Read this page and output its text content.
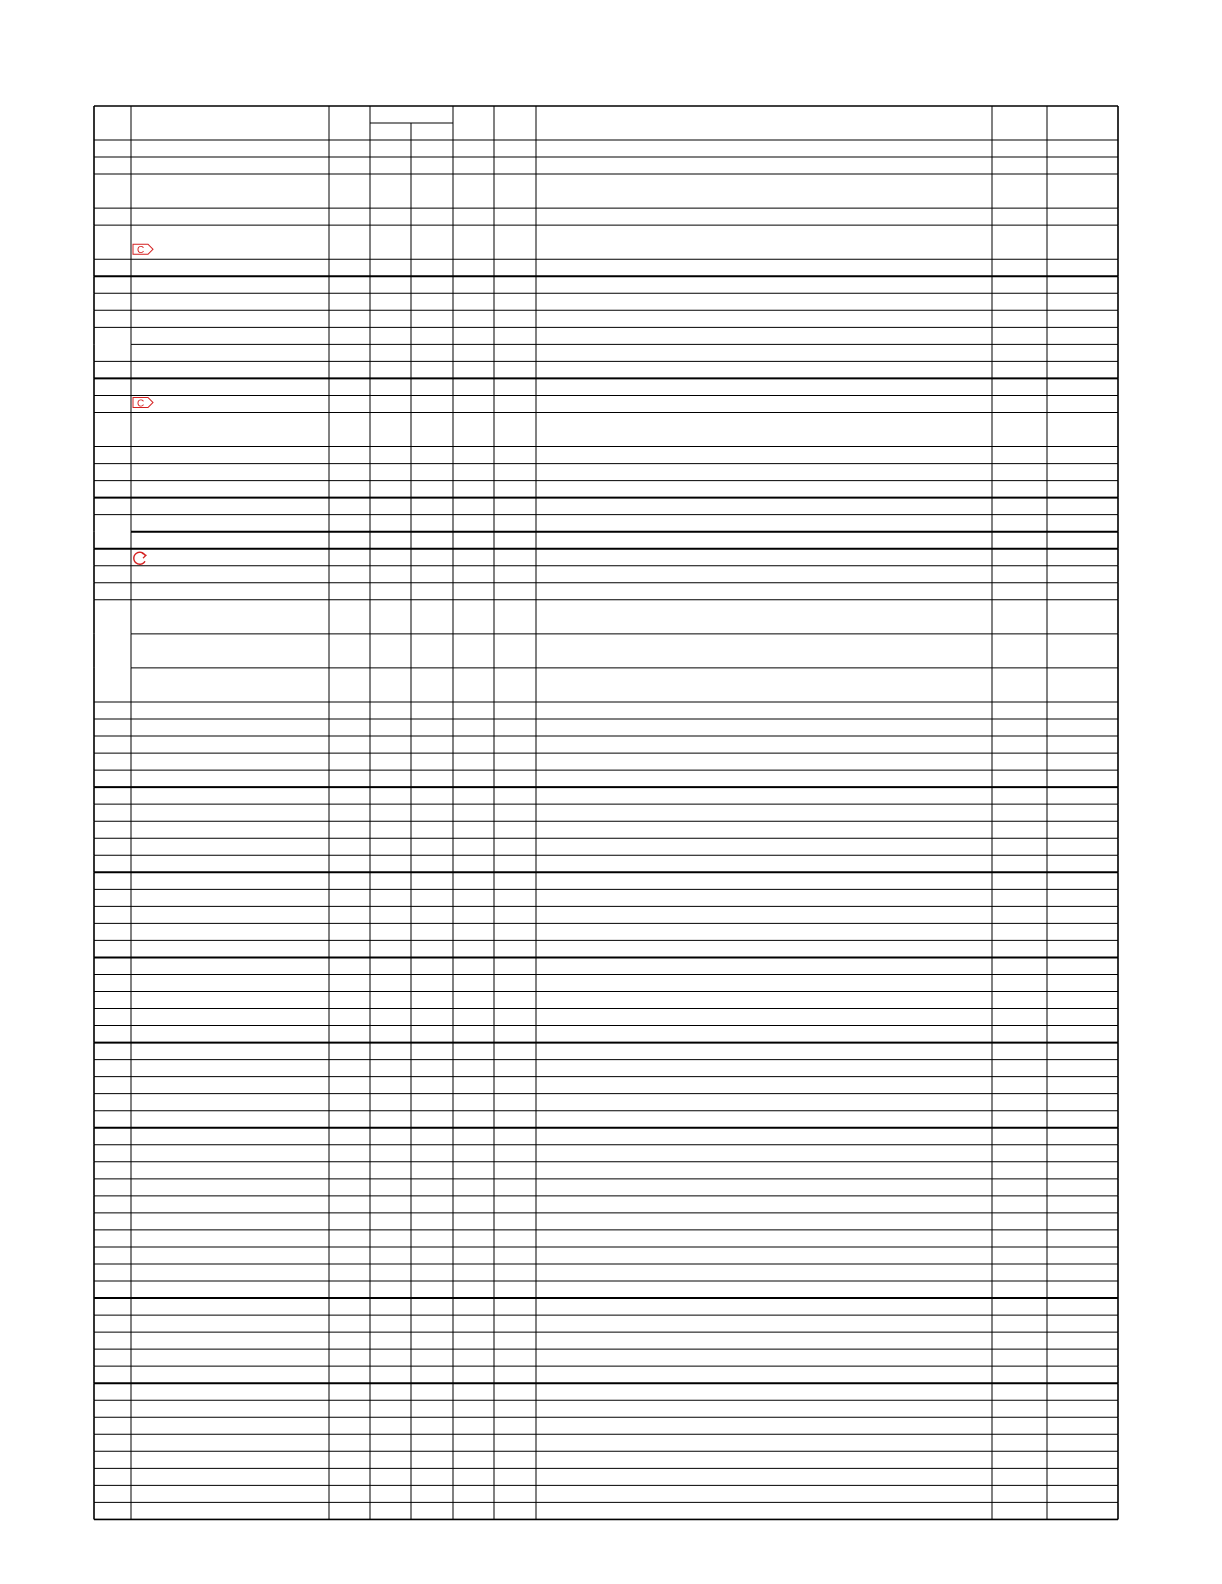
C
C
